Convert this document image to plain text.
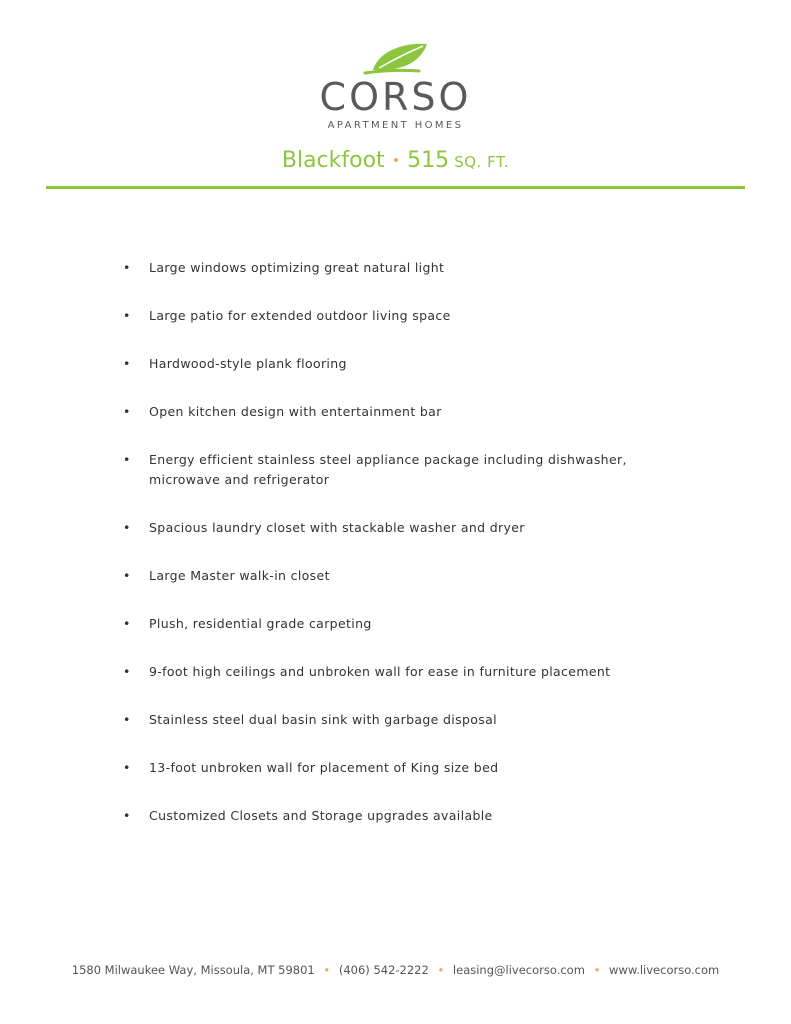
CORSO
APARTMENT HOMES
Blackfoot • 515 SQ. FT.
• Large windows optimizing great natural light
• Large patio for extended outdoor living space
• Hardwood-style plank flooring
• Open kitchen design with entertainment bar
• Energy efficient stainless steel appliance package including dishwasher, microwave and refrigerator
• Spacious laundry closet with stackable washer and dryer
• Large Master walk-in closet
• Plush, residential grade carpeting
• 9-foot high ceilings and unbroken wall for ease in furniture placement
• Stainless steel dual basin sink with garbage disposal
• 13-foot unbroken wall for placement of King size bed
• Customized Closets and Storage upgrades available
1580 Milwaukee Way, Missoula, MT 59801 • (406) 542-2222 • leasing@livecorso.com • www.livecorso.com
